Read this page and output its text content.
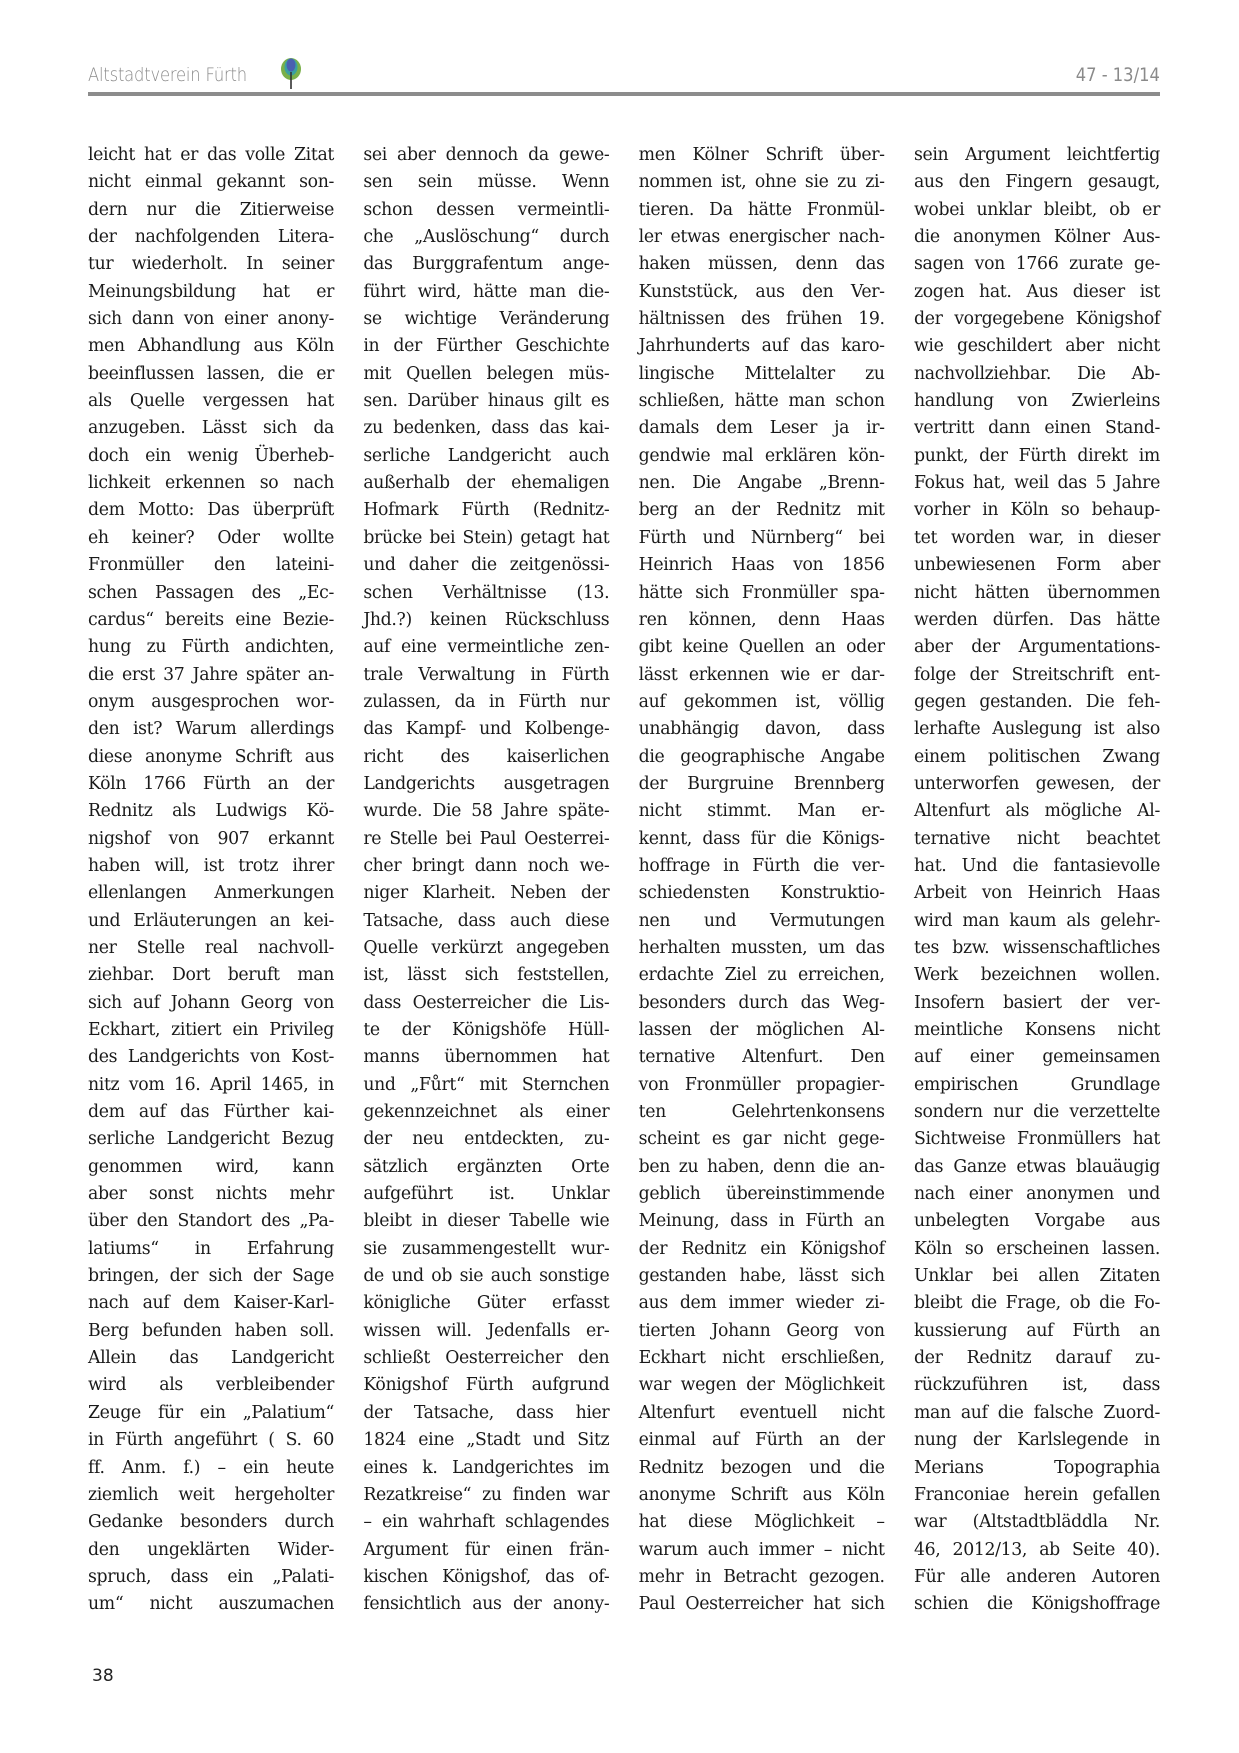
Altstadtverein Fürth	47 - 13/14
leicht hat er das volle Zitat
nicht einmal gekannt son-
dern nur die Zitierweise
der nachfolgenden Litera-
tur wiederholt. In seiner
Meinungsbildung hat er
sich dann von einer anony-
men Abhandlung aus Köln
beeinflussen lassen, die er
als Quelle vergessen hat
anzugeben. Lässt sich da
doch ein wenig Überheb-
lichkeit erkennen so nach
dem Motto: Das überprüft
eh keiner? Oder wollte
Fronmüller den lateini-
schen Passagen des „Ec-
cardus“ bereits eine Bezie-
hung zu Fürth andichten,
die erst 37 Jahre später an-
onym ausgesprochen wor-
den ist? Warum allerdings
diese anonyme Schrift aus
Köln 1766 Fürth an der
Rednitz als Ludwigs Kö-
nigshof von 907 erkannt
haben will, ist trotz ihrer
ellenlangen Anmerkungen
und Erläuterungen an kei-
ner Stelle real nachvoll-
ziehbar. Dort beruft man
sich auf Johann Georg von
Eckhart, zitiert ein Privileg
des Landgerichts von Kost-
nitz vom 16. April 1465, in
dem auf das Fürther kai-
serliche Landgericht Bezug
genommen wird, kann
aber sonst nichts mehr
über den Standort des „Pa-
latiums“ in Erfahrung
bringen, der sich der Sage
nach auf dem Kaiser-Karl-
Berg befunden haben soll.
Allein das Landgericht
wird als verbleibender
Zeuge für ein „Palatium“
in Fürth angeführt ( S. 60
ff. Anm. f.) – ein heute
ziemlich weit hergeholter
Gedanke besonders durch
den ungeklärten Wider-
spruch, dass ein „Palati-
um“ nicht auszumachen
sei aber dennoch da gewe-
sen sein müsse. Wenn
schon dessen vermeintli-
che „Auslöschung“ durch
das Burggrafentum ange-
führt wird, hätte man die-
se wichtige Veränderung
in der Fürther Geschichte
mit Quellen belegen müs-
sen. Darüber hinaus gilt es
zu bedenken, dass das kai-
serliche Landgericht auch
außerhalb der ehemaligen
Hofmark Fürth (Rednitz-
brücke bei Stein) getagt hat
und daher die zeitgenössi-
schen Verhältnisse (13.
Jhd.?) keinen Rückschluss
auf eine vermeintliche zen-
trale Verwaltung in Fürth
zulassen, da in Fürth nur
das Kampf- und Kolbenge-
richt des kaiserlichen
Landgerichts ausgetragen
wurde. Die 58 Jahre späte-
re Stelle bei Paul Oesterrei-
cher bringt dann noch we-
niger Klarheit. Neben der
Tatsache, dass auch diese
Quelle verkürzt angegeben
ist, lässt sich feststellen,
dass Oesterreicher die Lis-
te der Königshöfe Hüll-
manns übernommen hat
und „Fůrt“ mit Sternchen
gekennzeichnet als einer
der neu entdeckten, zu-
sätzlich ergänzten Orte
aufgeführt ist. Unklar
bleibt in dieser Tabelle wie
sie zusammengestellt wur-
de und ob sie auch sonstige
königliche Güter erfasst
wissen will. Jedenfalls er-
schließt Oesterreicher den
Königshof Fürth aufgrund
der Tatsache, dass hier
1824 eine „Stadt und Sitz
eines k. Landgerichtes im
Rezatkreise“ zu finden war
– ein wahrhaft schlagendes
Argument für einen frän-
kischen Königshof, das of-
fensichtlich aus der anony-
men Kölner Schrift über-
nommen ist, ohne sie zu zi-
tieren. Da hätte Fronmül-
ler etwas energischer nach-
haken müssen, denn das
Kunststück, aus den Ver-
hältnissen des frühen 19.
Jahrhunderts auf das karo-
lingische Mittelalter zu
schließen, hätte man schon
damals dem Leser ja ir-
gendwie mal erklären kön-
nen. Die Angabe „Brenn-
berg an der Rednitz mit
Fürth und Nürnberg“ bei
Heinrich Haas von 1856
hätte sich Fronmüller spa-
ren können, denn Haas
gibt keine Quellen an oder
lässt erkennen wie er dar-
auf gekommen ist, völlig
unabhängig davon, dass
die geographische Angabe
der Burgruine Brennberg
nicht stimmt. Man er-
kennt, dass für die Königs-
hoffrage in Fürth die ver-
schiedensten Konstruktio-
nen und Vermutungen
herhalten mussten, um das
erdachte Ziel zu erreichen,
besonders durch das Weg-
lassen der möglichen Al-
ternative Altenfurt. Den
von Fronmüller propagier-
ten Gelehrtenkonsens
scheint es gar nicht gege-
ben zu haben, denn die an-
geblich übereinstimmende
Meinung, dass in Fürth an
der Rednitz ein Königshof
gestanden habe, lässt sich
aus dem immer wieder zi-
tierten Johann Georg von
Eckhart nicht erschließen,
war wegen der Möglichkeit
Altenfurt eventuell nicht
einmal auf Fürth an der
Rednitz bezogen und die
anonyme Schrift aus Köln
hat diese Möglichkeit –
warum auch immer – nicht
mehr in Betracht gezogen.
Paul Oesterreicher hat sich
sein Argument leichtfertig
aus den Fingern gesaugt,
wobei unklar bleibt, ob er
die anonymen Kölner Aus-
sagen von 1766 zurate ge-
zogen hat. Aus dieser ist
der vorgegebene Königshof
wie geschildert aber nicht
nachvollziehbar. Die Ab-
handlung von Zwierleins
vertritt dann einen Stand-
punkt, der Fürth direkt im
Fokus hat, weil das 5 Jahre
vorher in Köln so behaup-
tet worden war, in dieser
unbewiesenen Form aber
nicht hätten übernommen
werden dürfen. Das hätte
aber der Argumentations-
folge der Streitschrift ent-
gegen gestanden. Die feh-
lerhafte Auslegung ist also
einem politischen Zwang
unterworfen gewesen, der
Altenfurt als mögliche Al-
ternative nicht beachtet
hat. Und die fantasievolle
Arbeit von Heinrich Haas
wird man kaum als gelehr-
tes bzw. wissenschaftliches
Werk bezeichnen wollen.
Insofern basiert der ver-
meintliche Konsens nicht
auf einer gemeinsamen
empirischen Grundlage
sondern nur die verzettelte
Sichtweise Fronmüllers hat
das Ganze etwas blauäugig
nach einer anonymen und
unbelegten Vorgabe aus
Köln so erscheinen lassen.
Unklar bei allen Zitaten
bleibt die Frage, ob die Fo-
kussierung auf Fürth an
der Rednitz darauf zu-
rückzuführen ist, dass
man auf die falsche Zuord-
nung der Karlslegende in
Merians Topographia
Franconiae herein gefallen
war (Altstadtbläddla Nr.
46, 2012/13, ab Seite 40).
Für alle anderen Autoren
schien die Königshoffrage
38
